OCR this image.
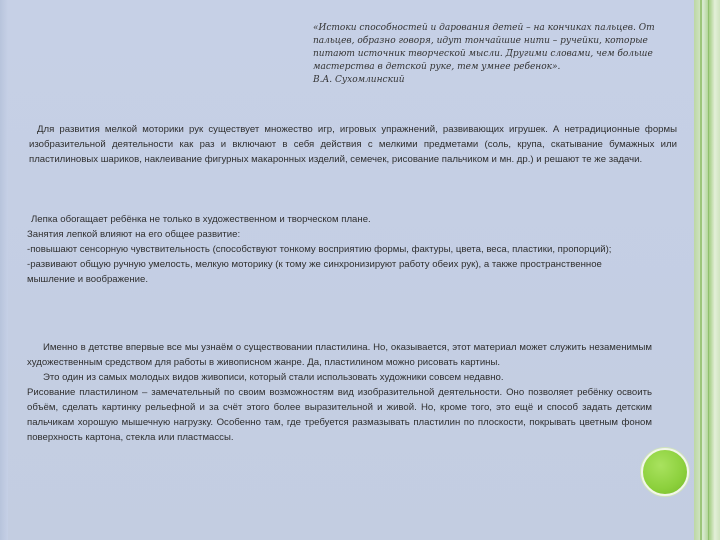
«Истоки способностей и дарования детей – на кончиках пальцев. От пальцев, образно говоря, идут тончайшие нити – ручейки, которые питают источник творческой мысли. Другими словами, чем больше мастерства в детской руке, тем умнее ребенок».
В.А. Сухомлинский
Для развития мелкой моторики рук существует множество игр, игровых упражнений, развивающих игрушек. А нетрадиционные формы изобразительной деятельности как раз и включают в себя действия с мелкими предметами (соль, крупа, скатывание бумажных или пластилиновых шариков, наклеивание фигурных макаронных изделий, семечек, рисование пальчиком и мн. др.) и решают те же задачи.
Лепка обогащает ребёнка не только в художественном и творческом плане.
Занятия лепкой влияют на его общее развитие:
-повышают сенсорную чувствительность (способствуют тонкому восприятию формы, фактуры, цвета, веса, пластики, пропорций);
-развивают общую ручную умелость, мелкую моторику (к тому же синхронизируют работу обеих рук), а также пространственное мышление и воображение.
Именно в детстве впервые все мы узнаём о существовании пластилина. Но, оказывается, этот материал может служить незаменимым художественным средством для работы в живописном жанре. Да, пластилином можно рисовать картины.
Это один из самых молодых видов живописи, который стали использовать художники совсем недавно.
Рисование пластилином – замечательный по своим возможностям вид изобразительной деятельности. Оно позволяет ребёнку освоить объём, сделать картинку рельефной и за счёт этого более выразительной и живой. Но, кроме того, это ещё и способ задать детским пальчикам хорошую мышечную нагрузку. Особенно там, где требуется размазывать пластилин по плоскости, покрывать цветным фоном поверхность картона, стекла или пластмассы.
